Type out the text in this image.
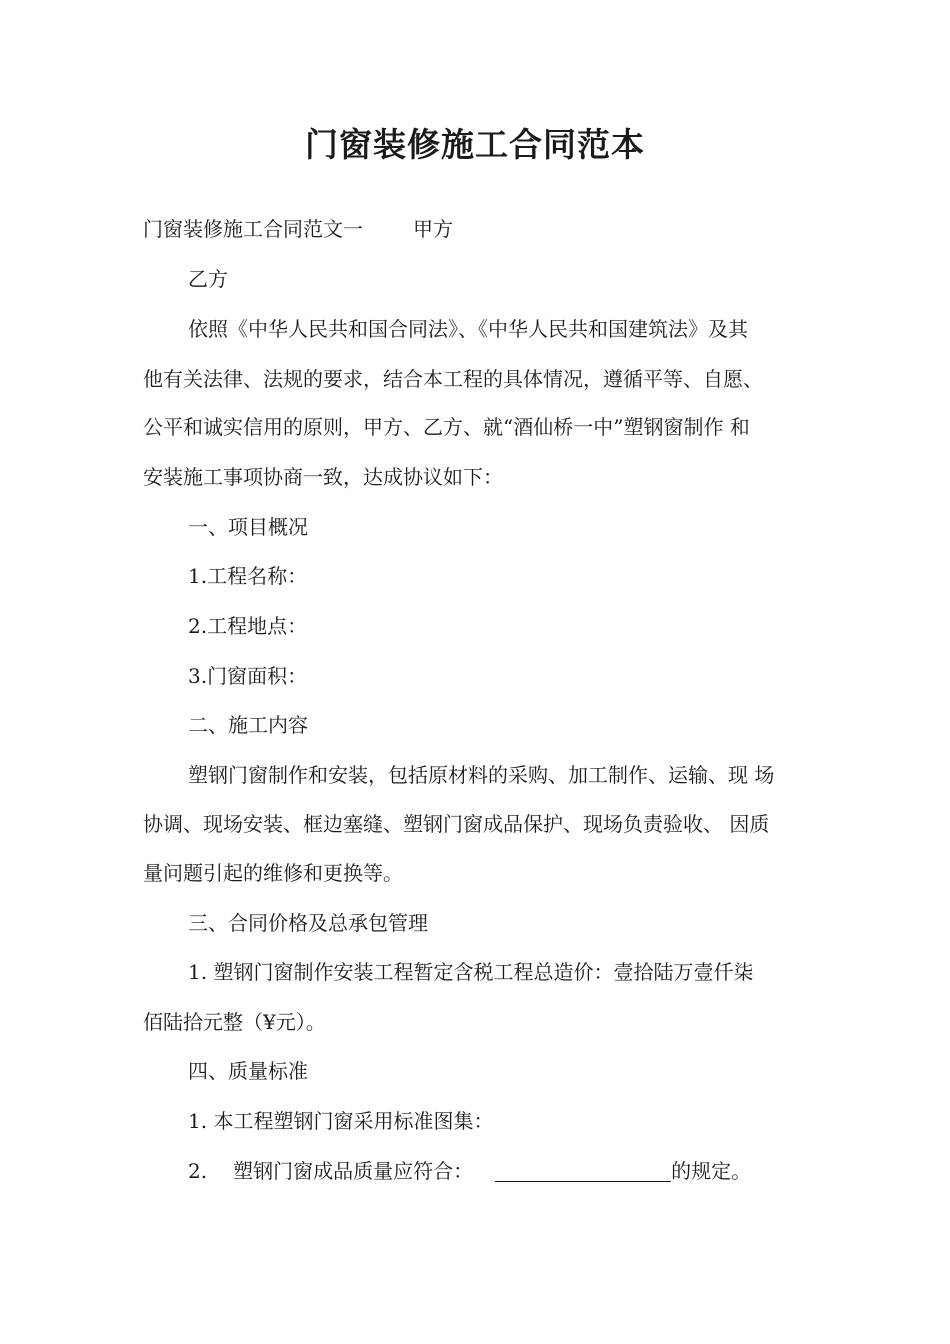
门窗装修施工合同范本
门窗装修施工合同范文一	甲方
乙方
依照《中华人民共和国合同法》、《中华人民共和国建筑法》及其
他有关法律、法规的要求，结合本工程的具体情况，遵循平等、自愿、
公平和诚实信用的原则，甲方、乙方、就“酒仙桥一中”塑钢窗制作 和
安装施工事项协商一致，达成协议如下：
一、项目概况
1.工程名称：
2.工程地点：
3.门窗面积：
二、施工内容
塑钢门窗制作和安装，包括原材料的采购、加工制作、运输、现 场
协调、现场安装、框边塞缝、塑钢门窗成品保护、现场负责验收、 因质
量问题引起的维修和更换等。
三、合同价格及总承包管理
1. 塑钢门窗制作安装工程暂定含税工程总造价：壹拾陆万壹仟柒
佰陆拾元整（¥元）。
四、质量标准
1. 本工程塑钢门窗采用标准图集：
2. 塑钢门窗成品质量应符合：	的规定。
